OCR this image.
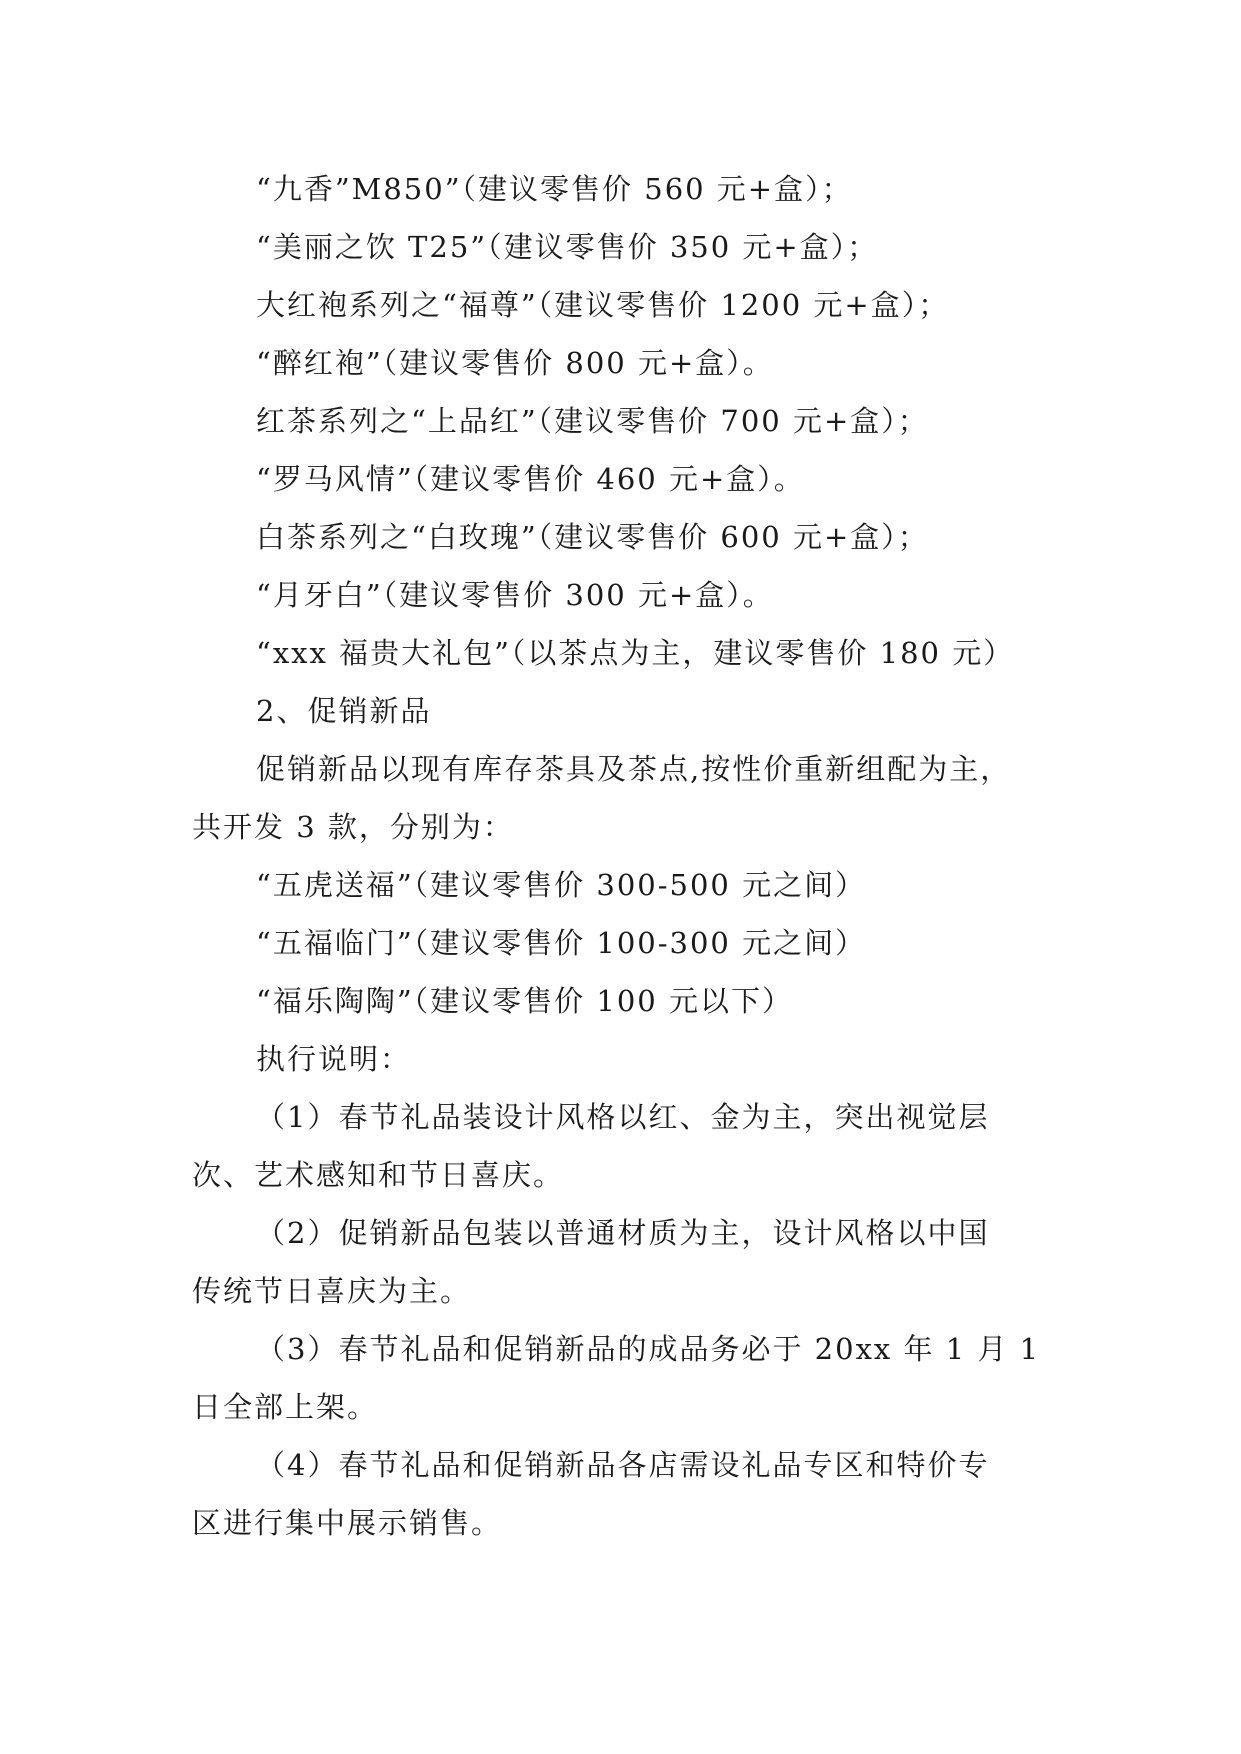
“九香”M850”（建议零售价 560 元+盒）；
“美丽之饮 T25”（建议零售价 350 元+盒）；
大红袍系列之“福尊”（建议零售价 1200 元+盒）；
“醉红袍”（建议零售价 800 元+盒）。
红茶系列之“上品红”（建议零售价 700 元+盒）；
“罗马风情”（建议零售价 460 元+盒）。
白茶系列之“白玫瑰”（建议零售价 600 元+盒）；
“月牙白”（建议零售价 300 元+盒）。
“xxx 福贵大礼包”（以茶点为主，建议零售价 180 元）
2、促销新品
促销新品以现有库存茶具及茶点,按性价重新组配为主，
共开发 3 款，分别为：
“五虎送福”（建议零售价 300-500 元之间）
“五福临门”（建议零售价 100-300 元之间）
“福乐陶陶”（建议零售价 100 元以下）
执行说明：
（1）春节礼品装设计风格以红、金为主，突出视觉层
次、艺术感知和节日喜庆。
（2）促销新品包装以普通材质为主，设计风格以中国
传统节日喜庆为主。
（3）春节礼品和促销新品的成品务必于 20xx 年 1 月 1
日全部上架。
（4）春节礼品和促销新品各店需设礼品专区和特价专
区进行集中展示销售。
